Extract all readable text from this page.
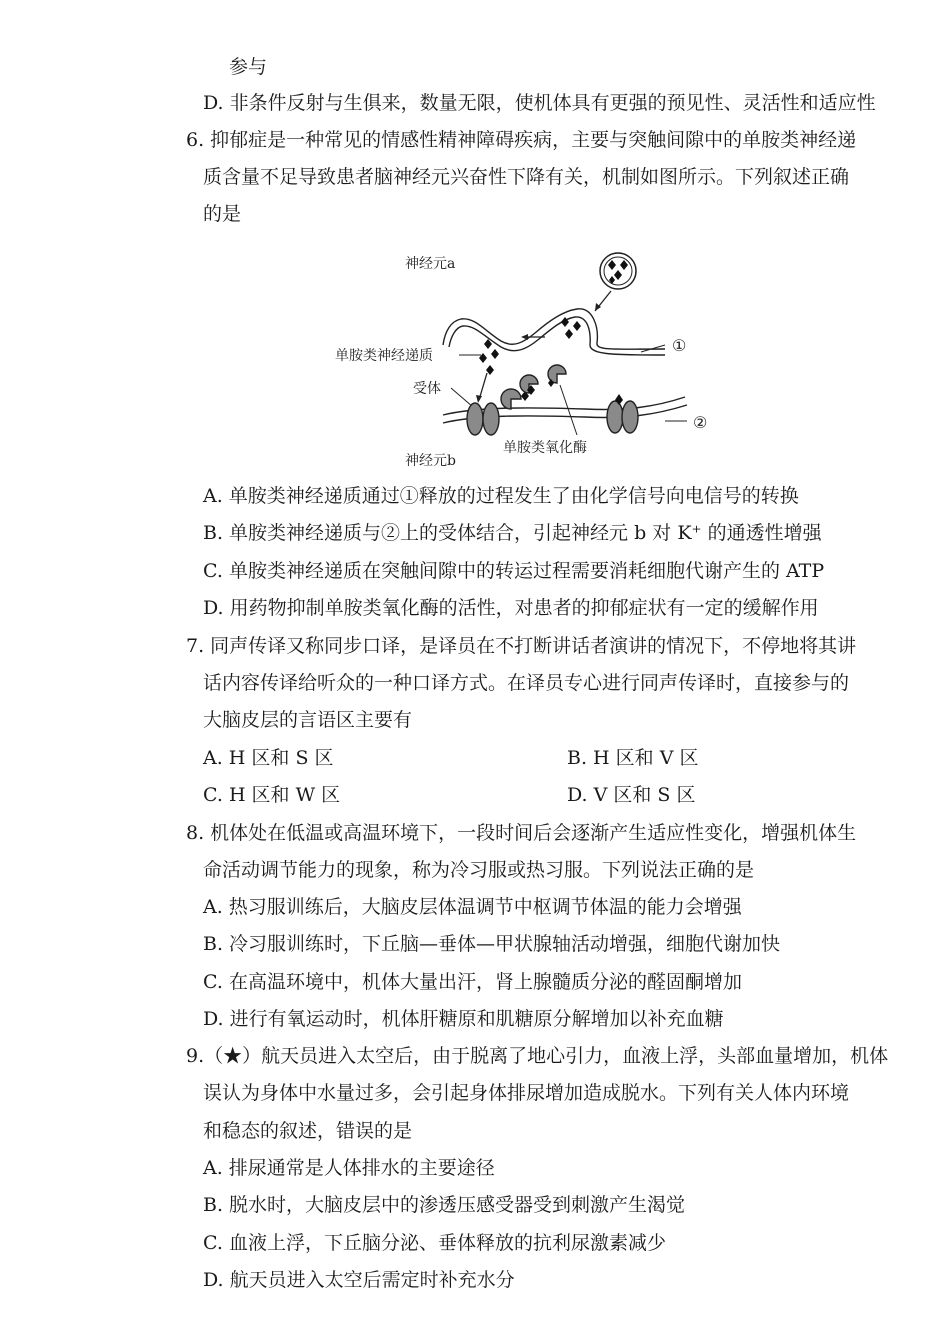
参与
D. 非条件反射与生俱来，数量无限，使机体具有更强的预见性、灵活性和适应性
6. 抑郁症是一种常见的情感性精神障碍疾病，主要与突触间隙中的单胺类神经递
质含量不足导致患者脑神经元兴奋性下降有关，机制如图所示。下列叙述正确
的是
神经元a
单胺类神经递质
受体
神经元b
单胺类氧化酶
①
②
A. 单胺类神经递质通过①释放的过程发生了由化学信号向电信号的转换
B. 单胺类神经递质与②上的受体结合，引起神经元 b 对 K⁺ 的通透性增强
C. 单胺类神经递质在突触间隙中的转运过程需要消耗细胞代谢产生的 ATP
D. 用药物抑制单胺类氧化酶的活性，对患者的抑郁症状有一定的缓解作用
7. 同声传译又称同步口译，是译员在不打断讲话者演讲的情况下，不停地将其讲
话内容传译给听众的一种口译方式。在译员专心进行同声传译时，直接参与的
大脑皮层的言语区主要有
A. H 区和 S 区	B. H 区和 V 区
C. H 区和 W 区	D. V 区和 S 区
8. 机体处在低温或高温环境下，一段时间后会逐渐产生适应性变化，增强机体生
命活动调节能力的现象，称为冷习服或热习服。下列说法正确的是
A. 热习服训练后，大脑皮层体温调节中枢调节体温的能力会增强
B. 冷习服训练时，下丘脑—垂体—甲状腺轴活动增强，细胞代谢加快
C. 在高温环境中，机体大量出汗，肾上腺髓质分泌的醛固酮增加
D. 进行有氧运动时，机体肝糖原和肌糖原分解增加以补充血糖
9.（★）航天员进入太空后，由于脱离了地心引力，血液上浮，头部血量增加，机体
误认为身体中水量过多，会引起身体排尿增加造成脱水。下列有关人体内环境
和稳态的叙述，错误的是
A. 排尿通常是人体排水的主要途径
B. 脱水时，大脑皮层中的渗透压感受器受到刺激产生渴觉
C. 血液上浮，下丘脑分泌、垂体释放的抗利尿激素减少
D. 航天员进入太空后需定时补充水分
